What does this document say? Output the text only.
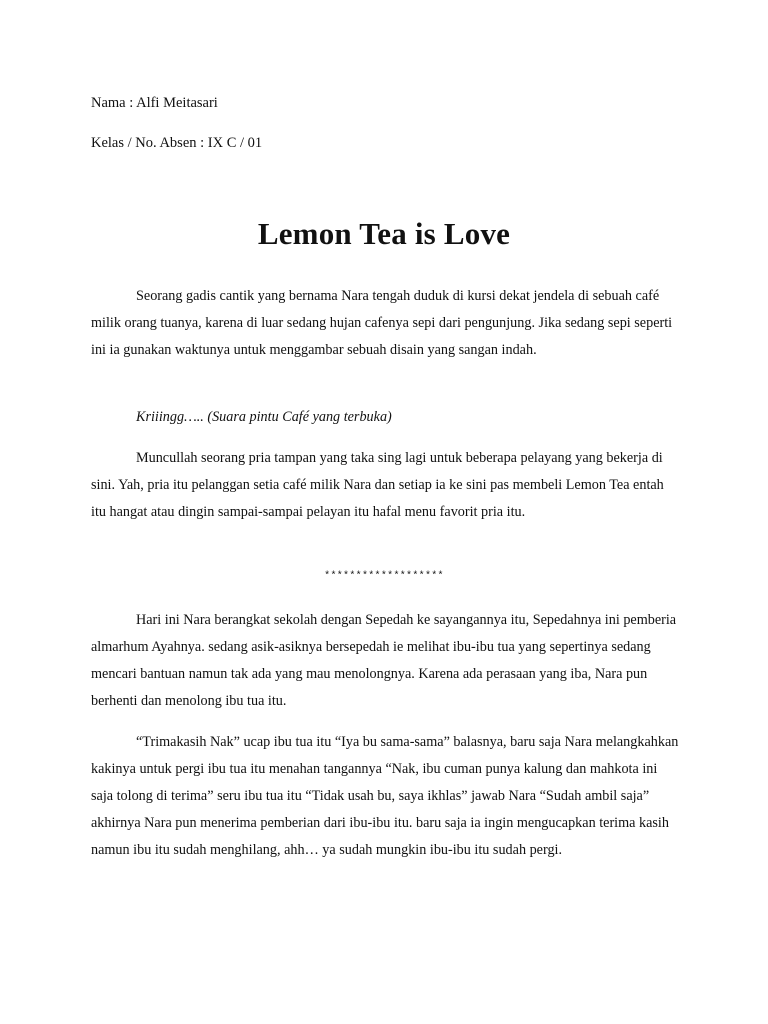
Nama : Alfi Meitasari
Kelas / No. Absen : IX C / 01
Lemon Tea is Love
Seorang gadis cantik yang bernama Nara tengah duduk di kursi dekat jendela di sebuah café milik orang tuanya, karena di luar sedang hujan cafenya sepi dari pengunjung. Jika sedang sepi seperti ini ia gunakan waktunya untuk menggambar sebuah disain yang sangan indah.
Kriiingg….. (Suara pintu Café yang terbuka)
Muncullah seorang pria tampan yang taka sing lagi untuk beberapa pelayang yang bekerja di sini. Yah, pria itu pelanggan setia café milik Nara dan setiap ia ke sini pas membeli Lemon Tea entah itu hangat atau dingin sampai-sampai pelayan itu hafal menu favorit pria itu.
*******************
Hari ini Nara berangkat sekolah dengan Sepedah ke sayangannya itu, Sepedahnya ini pemberia almarhum Ayahnya. sedang asik-asiknya bersepedah ie melihat ibu-ibu tua yang sepertinya sedang mencari bantuan namun tak ada yang mau menolongnya. Karena ada perasaan yang iba, Nara pun berhenti dan menolong ibu tua itu.
“Trimakasih Nak” ucap ibu tua itu “Iya bu sama-sama” balasnya, baru saja Nara melangkahkan kakinya untuk pergi ibu tua itu menahan tangannya “Nak, ibu cuman punya kalung dan mahkota ini saja tolong di terima” seru ibu tua itu “Tidak usah bu, saya ikhlas” jawab Nara “Sudah ambil saja” akhirnya Nara pun menerima pemberian dari ibu-ibu itu. baru saja ia ingin mengucapkan terima kasih namun ibu itu sudah menghilang, ahh… ya sudah mungkin ibu-ibu itu sudah pergi.
